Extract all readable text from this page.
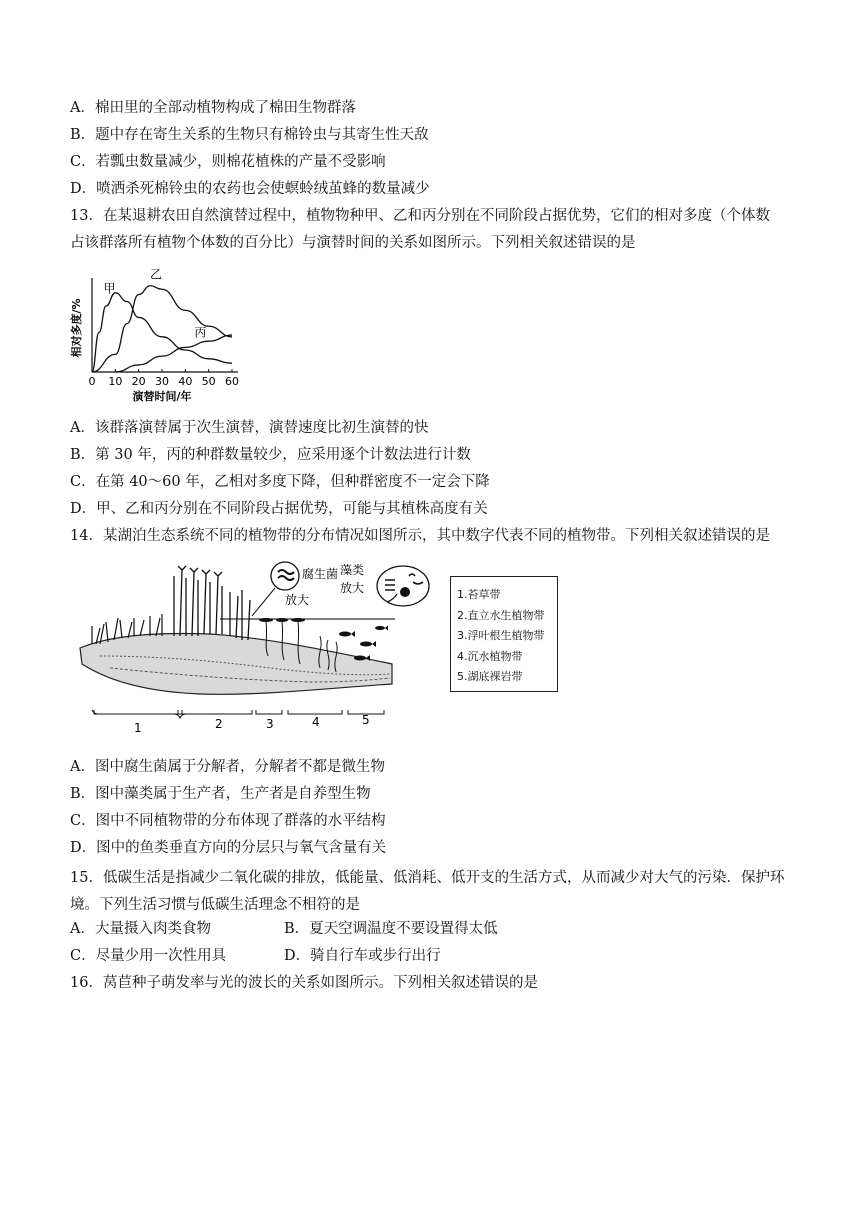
A．棉田里的全部动植物构成了棉田生物群落
B．题中存在寄生关系的生物只有棉铃虫与其寄生性天敌
C．若瓢虫数量减少，则棉花植株的产量不受影响
D．喷洒杀死棉铃虫的农药也会使螟蛉绒茧蜂的数量减少
13．在某退耕农田自然演替过程中，植物物种甲、乙和丙分别在不同阶段占据优势，它们的相对多度（个体数
占该群落所有植物个体数的百分比）与演替时间的关系如图所示。下列相关叙述错误的是
0 10 20 30 40 50 60
演替时间/年
相对多度/%
甲
乙
丙
A．该群落演替属于次生演替，演替速度比初生演替的快
B．第 30 年，丙的种群数量较少，应采用逐个计数法进行计数
C．在第 40～60 年，乙相对多度下降，但种群密度不一定会下降
D．甲、乙和丙分别在不同阶段占据优势，可能与其植株高度有关
14．某湖泊生态系统不同的植物带的分布情况如图所示，其中数字代表不同的植物带。下列相关叙述错误的是
腐生菌
放大
藻类
放大
1	2	3	4	5
1.苔草带
2.直立水生植物带
3.浮叶根生植物带
4.沉水植物带
5.湖底裸岩带
A．图中腐生菌属于分解者，分解者不都是微生物
B．图中藻类属于生产者，生产者是自养型生物
C．图中不同植物带的分布体现了群落的水平结构
D．图中的鱼类垂直方向的分层只与氧气含量有关
15．低碳生活是指减少二氧化碳的排放，低能量、低消耗、低开支的生活方式，从而减少对大气的污染．保护环境。下列生活习惯与低碳生活理念不相符的是
A．大量摄入肉类食物	B．夏天空调温度不要设置得太低
C．尽量少用一次性用具	D．骑自行车或步行出行
16．莴苣种子萌发率与光的波长的关系如图所示。下列相关叙述错误的是
